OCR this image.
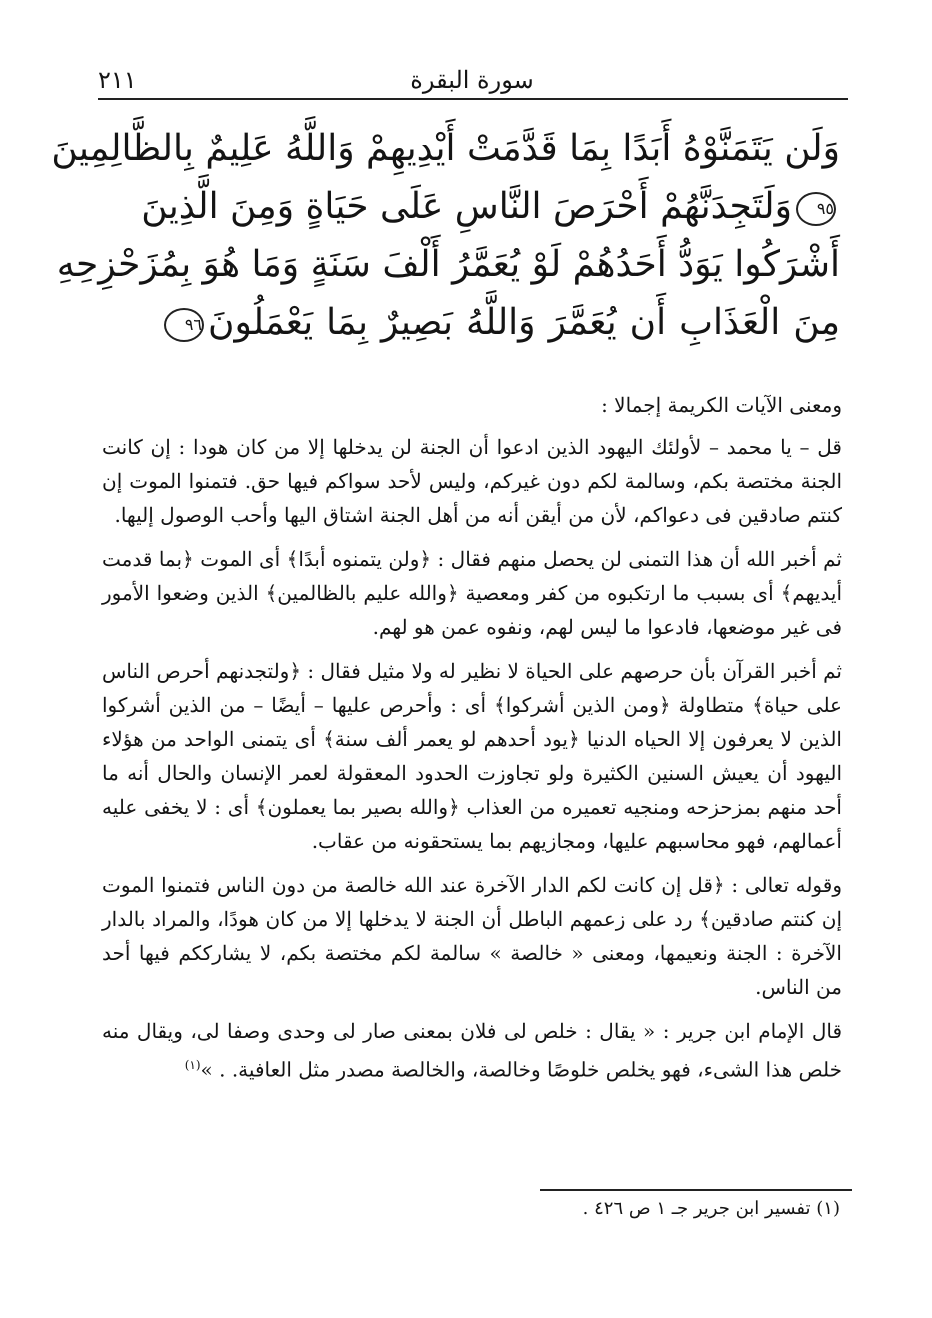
٢١١	سورة البقرة
وَلَن يَتَمَنَّوْهُ أَبَدًا بِمَا قَدَّمَتْ أَيْدِيهِمْ وَاللَّهُ عَلِيمٌ بِالظَّالِمِينَ
٩٥وَلَتَجِدَنَّهُمْ أَحْرَصَ النَّاسِ عَلَى حَيَاةٍ وَمِنَ الَّذِينَ
أَشْرَكُوا يَوَدُّ أَحَدُهُمْ لَوْ يُعَمَّرُ أَلْفَ سَنَةٍ وَمَا هُوَ بِمُزَحْزِحِهِ
مِنَ الْعَذَابِ أَن يُعَمَّرَ وَاللَّهُ بَصِيرٌ بِمَا يَعْمَلُونَ٩٦

ومعنى الآيات الكريمة إجمالا :

قل – يا محمد – لأولئك اليهود الذين ادعوا أن الجنة لن يدخلها إلا من كان هودا : إن كانت الجنة مختصة بكم، وسالمة لكم دون غيركم، وليس لأحد سواكم فيها حق. فتمنوا الموت إن كنتم صادقين فى دعواكم، لأن من أيقن أنه من أهل الجنة اشتاق اليها وأحب الوصول إليها.

ثم أخبر الله أن هذا التمنى لن يحصل منهم فقال : ﴿ولن يتمنوه أبدًا﴾ أى الموت ﴿بما قدمت أيديهم﴾ أى بسبب ما ارتكبوه من كفر ومعصية ﴿والله عليم بالظالمين﴾ الذين وضعوا الأمور فى غير موضعها، فادعوا ما ليس لهم، ونفوه عمن هو لهم.

ثم أخبر القرآن بأن حرصهم على الحياة لا نظير له ولا مثيل فقال : ﴿ولتجدنهم أحرص الناس على حياة﴾ متطاولة ﴿ومن الذين أشركوا﴾ أى : وأحرص عليها – أيضًا – من الذين أشركوا الذين لا يعرفون إلا الحياه الدنيا ﴿يود أحدهم لو يعمر ألف سنة﴾ أى يتمنى الواحد من هؤلاء اليهود أن يعيش السنين الكثيرة ولو تجاوزت الحدود المعقولة لعمر الإنسان والحال أنه ما أحد منهم بمزحزحه ومنجيه تعميره من العذاب ﴿والله بصير بما يعملون﴾ أى : لا يخفى عليه أعمالهم، فهو محاسبهم عليها، ومجازيهم بما يستحقونه من عقاب.

وقوله تعالى : ﴿قل إن كانت لكم الدار الآخرة عند الله خالصة من دون الناس فتمنوا الموت إن كنتم صادقين﴾ رد على زعمهم الباطل أن الجنة لا يدخلها إلا من كان هودًا، والمراد بالدار الآخرة : الجنة ونعيمها، ومعنى « خالصة » سالمة لكم مختصة بكم، لا يشارككم فيها أحد من الناس.

قال الإمام ابن جرير : « يقال : خلص لى فلان بمعنى صار لى وحدى وصفا لى، ويقال منه خلص هذا الشىء، فهو يخلص خلوصًا وخالصة، والخالصة مصدر مثل العافية. . »$^{(١)}$

(١) تفسير ابن جرير جـ ١ ص ٤٢٦ .
